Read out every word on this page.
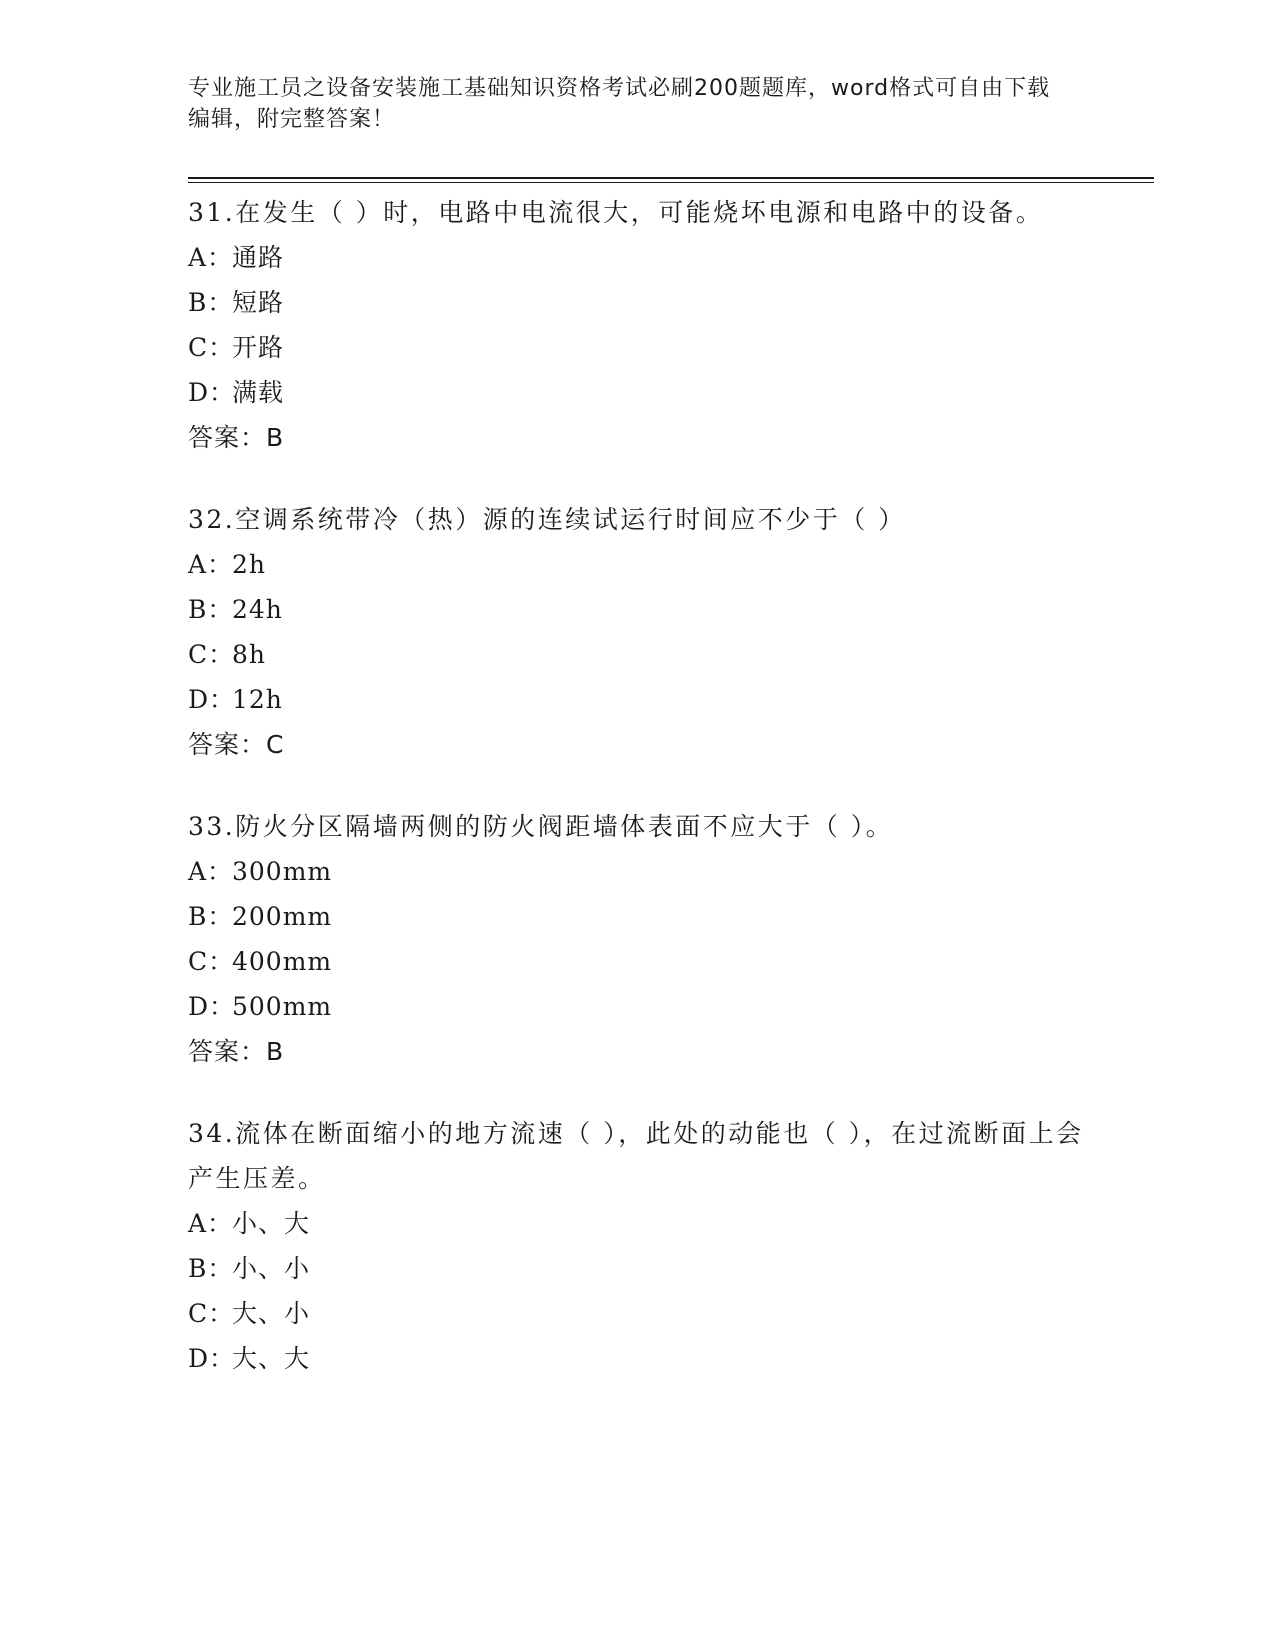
专业施工员之设备安装施工基础知识资格考试必刷200题题库，word格式可自由下载编辑，附完整答案！

31.在发生（ ）时，电路中电流很大，可能烧坏电源和电路中的设备。

A：通路
B：短路
C：开路
D：满载
答案：B

32.空调系统带冷（热）源的连续试运行时间应不少于（ ）

A：2h
B：24h
C：8h
D：12h
答案：C

33.防火分区隔墙两侧的防火阀距墙体表面不应大于（ ）。

A：300mm
B：200mm
C：400mm
D：500mm
答案：B

34.流体在断面缩小的地方流速（ ），此处的动能也（ ），在过流断面上会产生压差。

A：小、大
B：小、小
C：大、小
D：大、大
